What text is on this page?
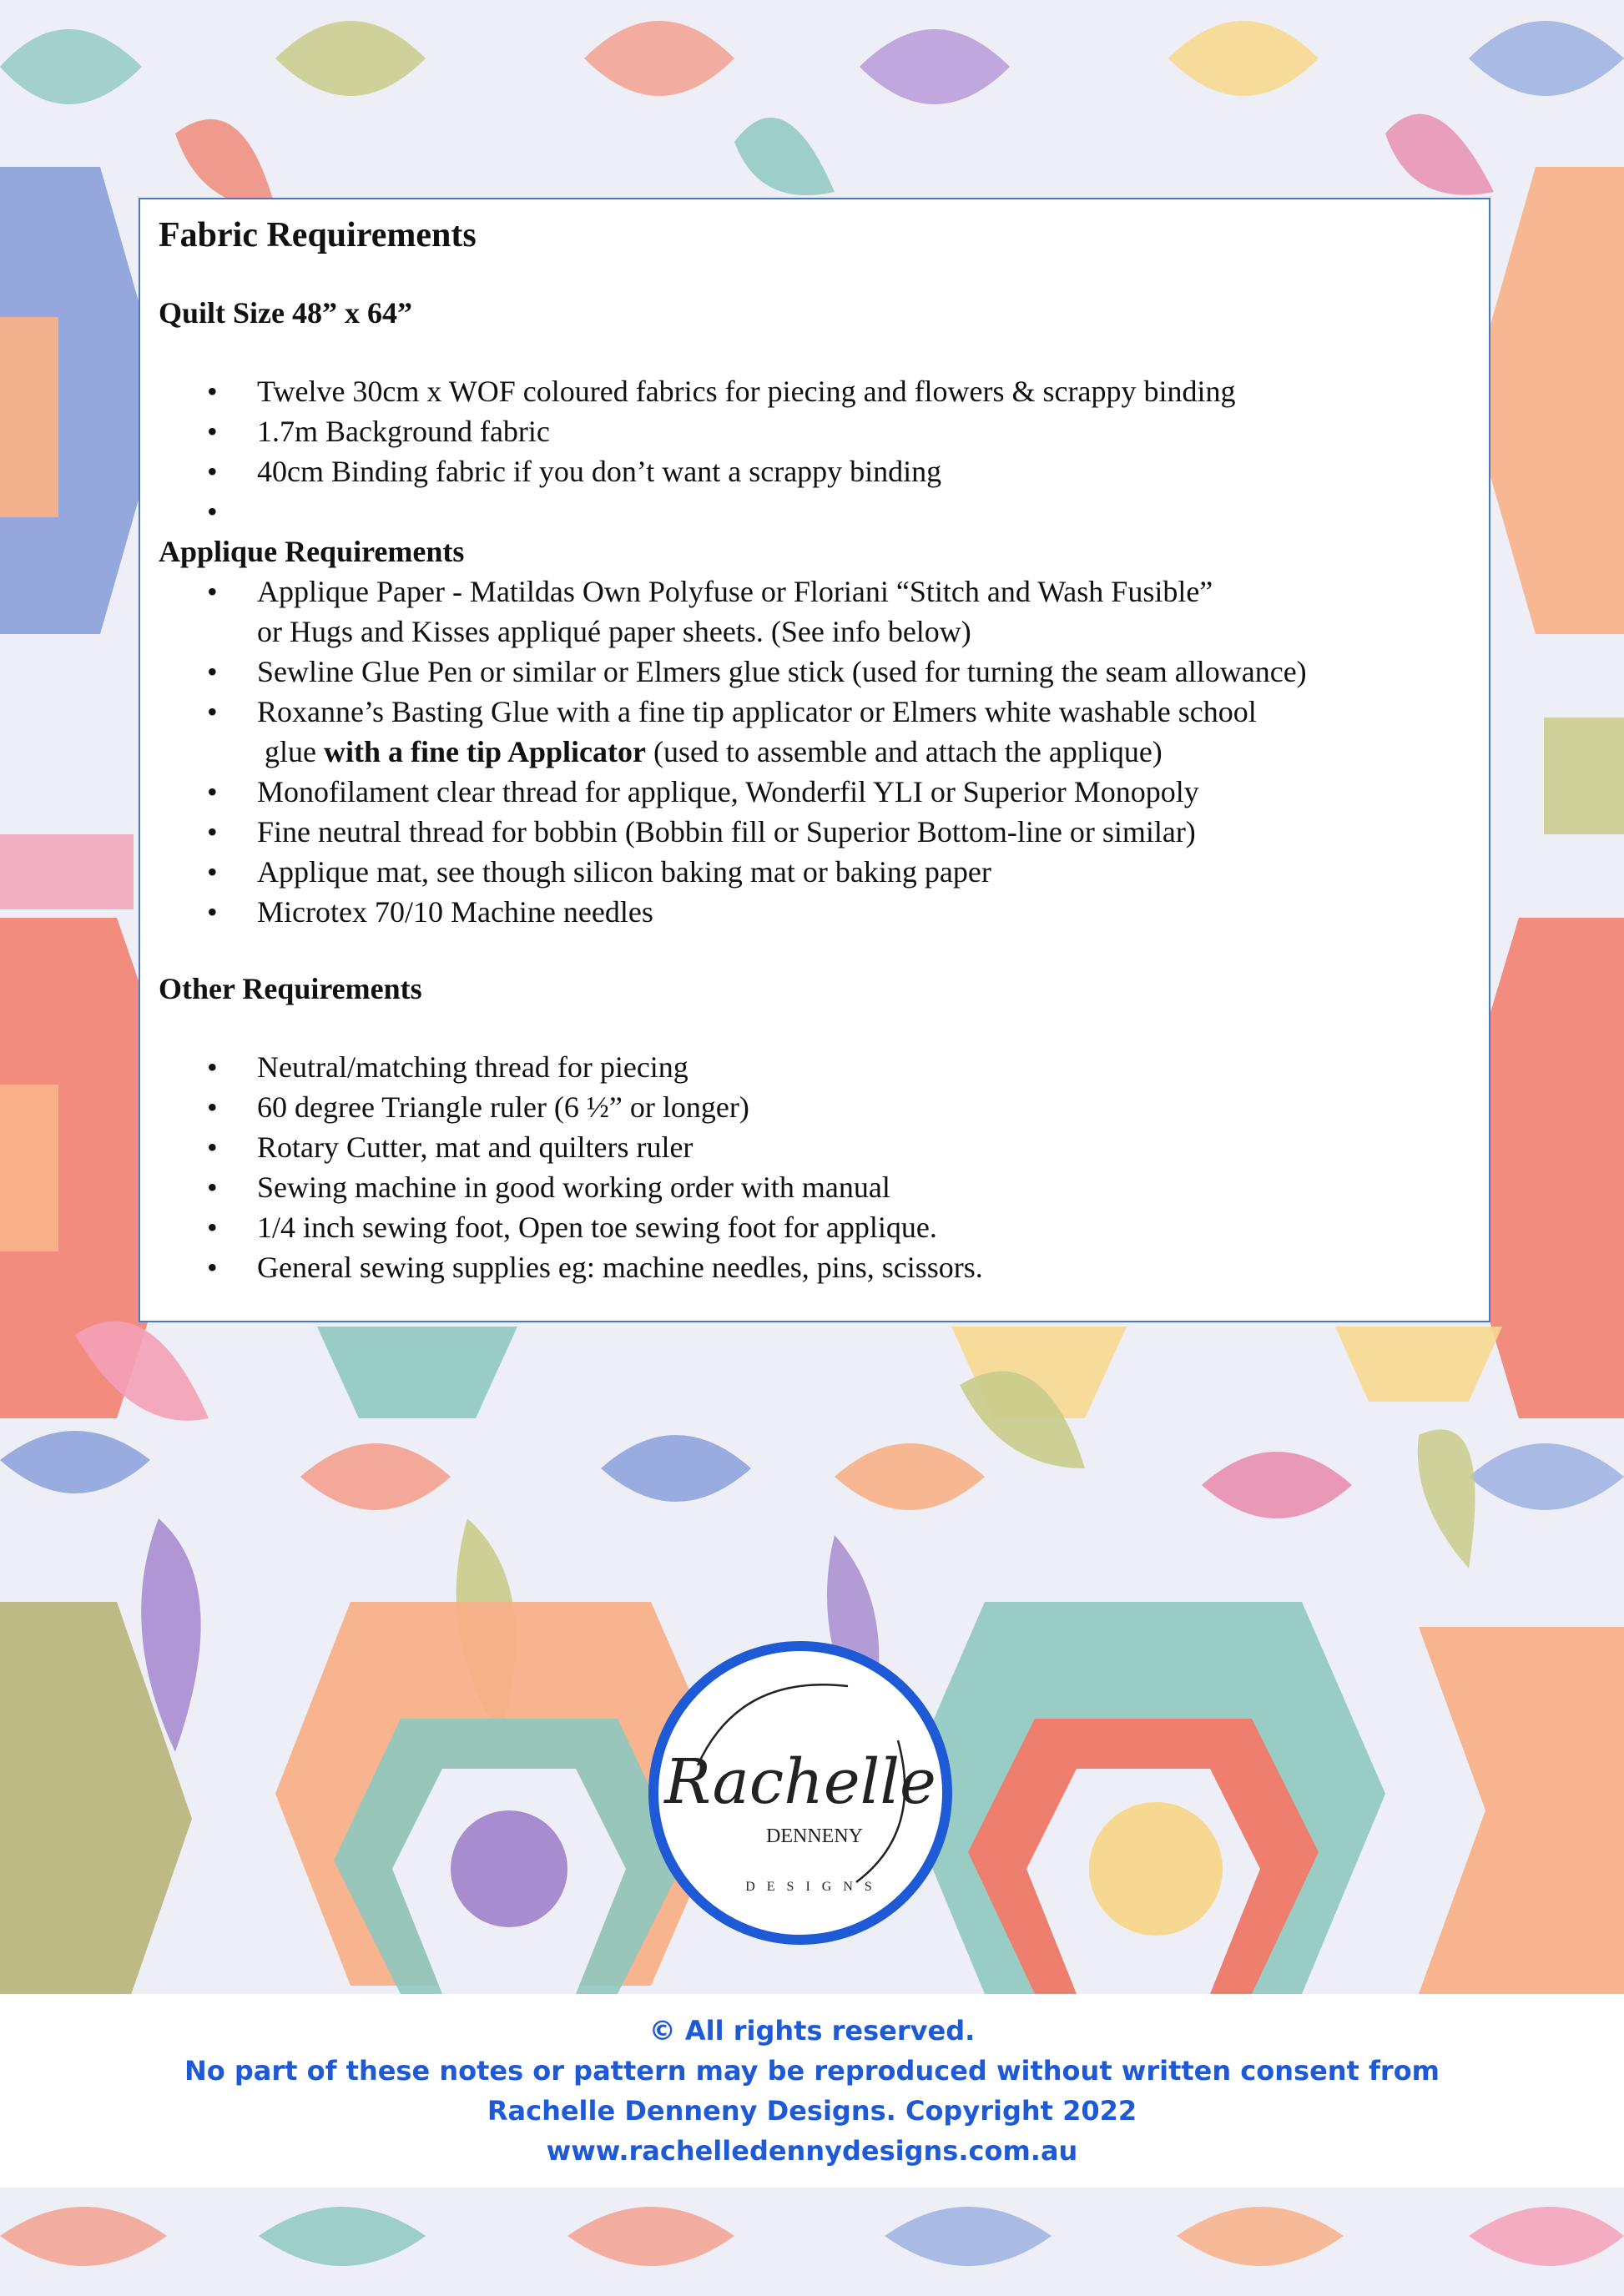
Fabric Requirements
Quilt Size 48” x 64”
• Twelve 30cm x WOF coloured fabrics for piecing and flowers & scrappy binding
• 1.7m Background fabric
• 40cm Binding fabric if you don’t want a scrappy binding
•
Applique Requirements
• Applique Paper - Matildas Own Polyfuse or Floriani “Stitch and Wash Fusible”
or Hugs and Kisses appliqué paper sheets. (See info below)
• Sewline Glue Pen or similar or Elmers glue stick (used for turning the seam allowance)
• Roxanne’s Basting Glue with a fine tip applicator or Elmers white washable school
glue with a fine tip Applicator (used to assemble and attach the applique)
• Monofilament clear thread for applique, Wonderfil YLI or Superior Monopoly
• Fine neutral thread for bobbin (Bobbin fill or Superior Bottom-line or similar)
• Applique mat, see though silicon baking mat or baking paper
• Microtex 70/10 Machine needles
Other Requirements
• Neutral/matching thread for piecing
• 60 degree Triangle ruler (6 ½” or longer)
• Rotary Cutter, mat and quilters ruler
• Sewing machine in good working order with manual
• 1/4 inch sewing foot, Open toe sewing foot for applique.
• General sewing supplies eg: machine needles, pins, scissors.
Rachelle
DENNENY
DESIGNS
© All rights reserved.
No part of these notes or pattern may be reproduced without written consent from
Rachelle Denneny Designs. Copyright 2022
www.rachelledennydesigns.com.au
